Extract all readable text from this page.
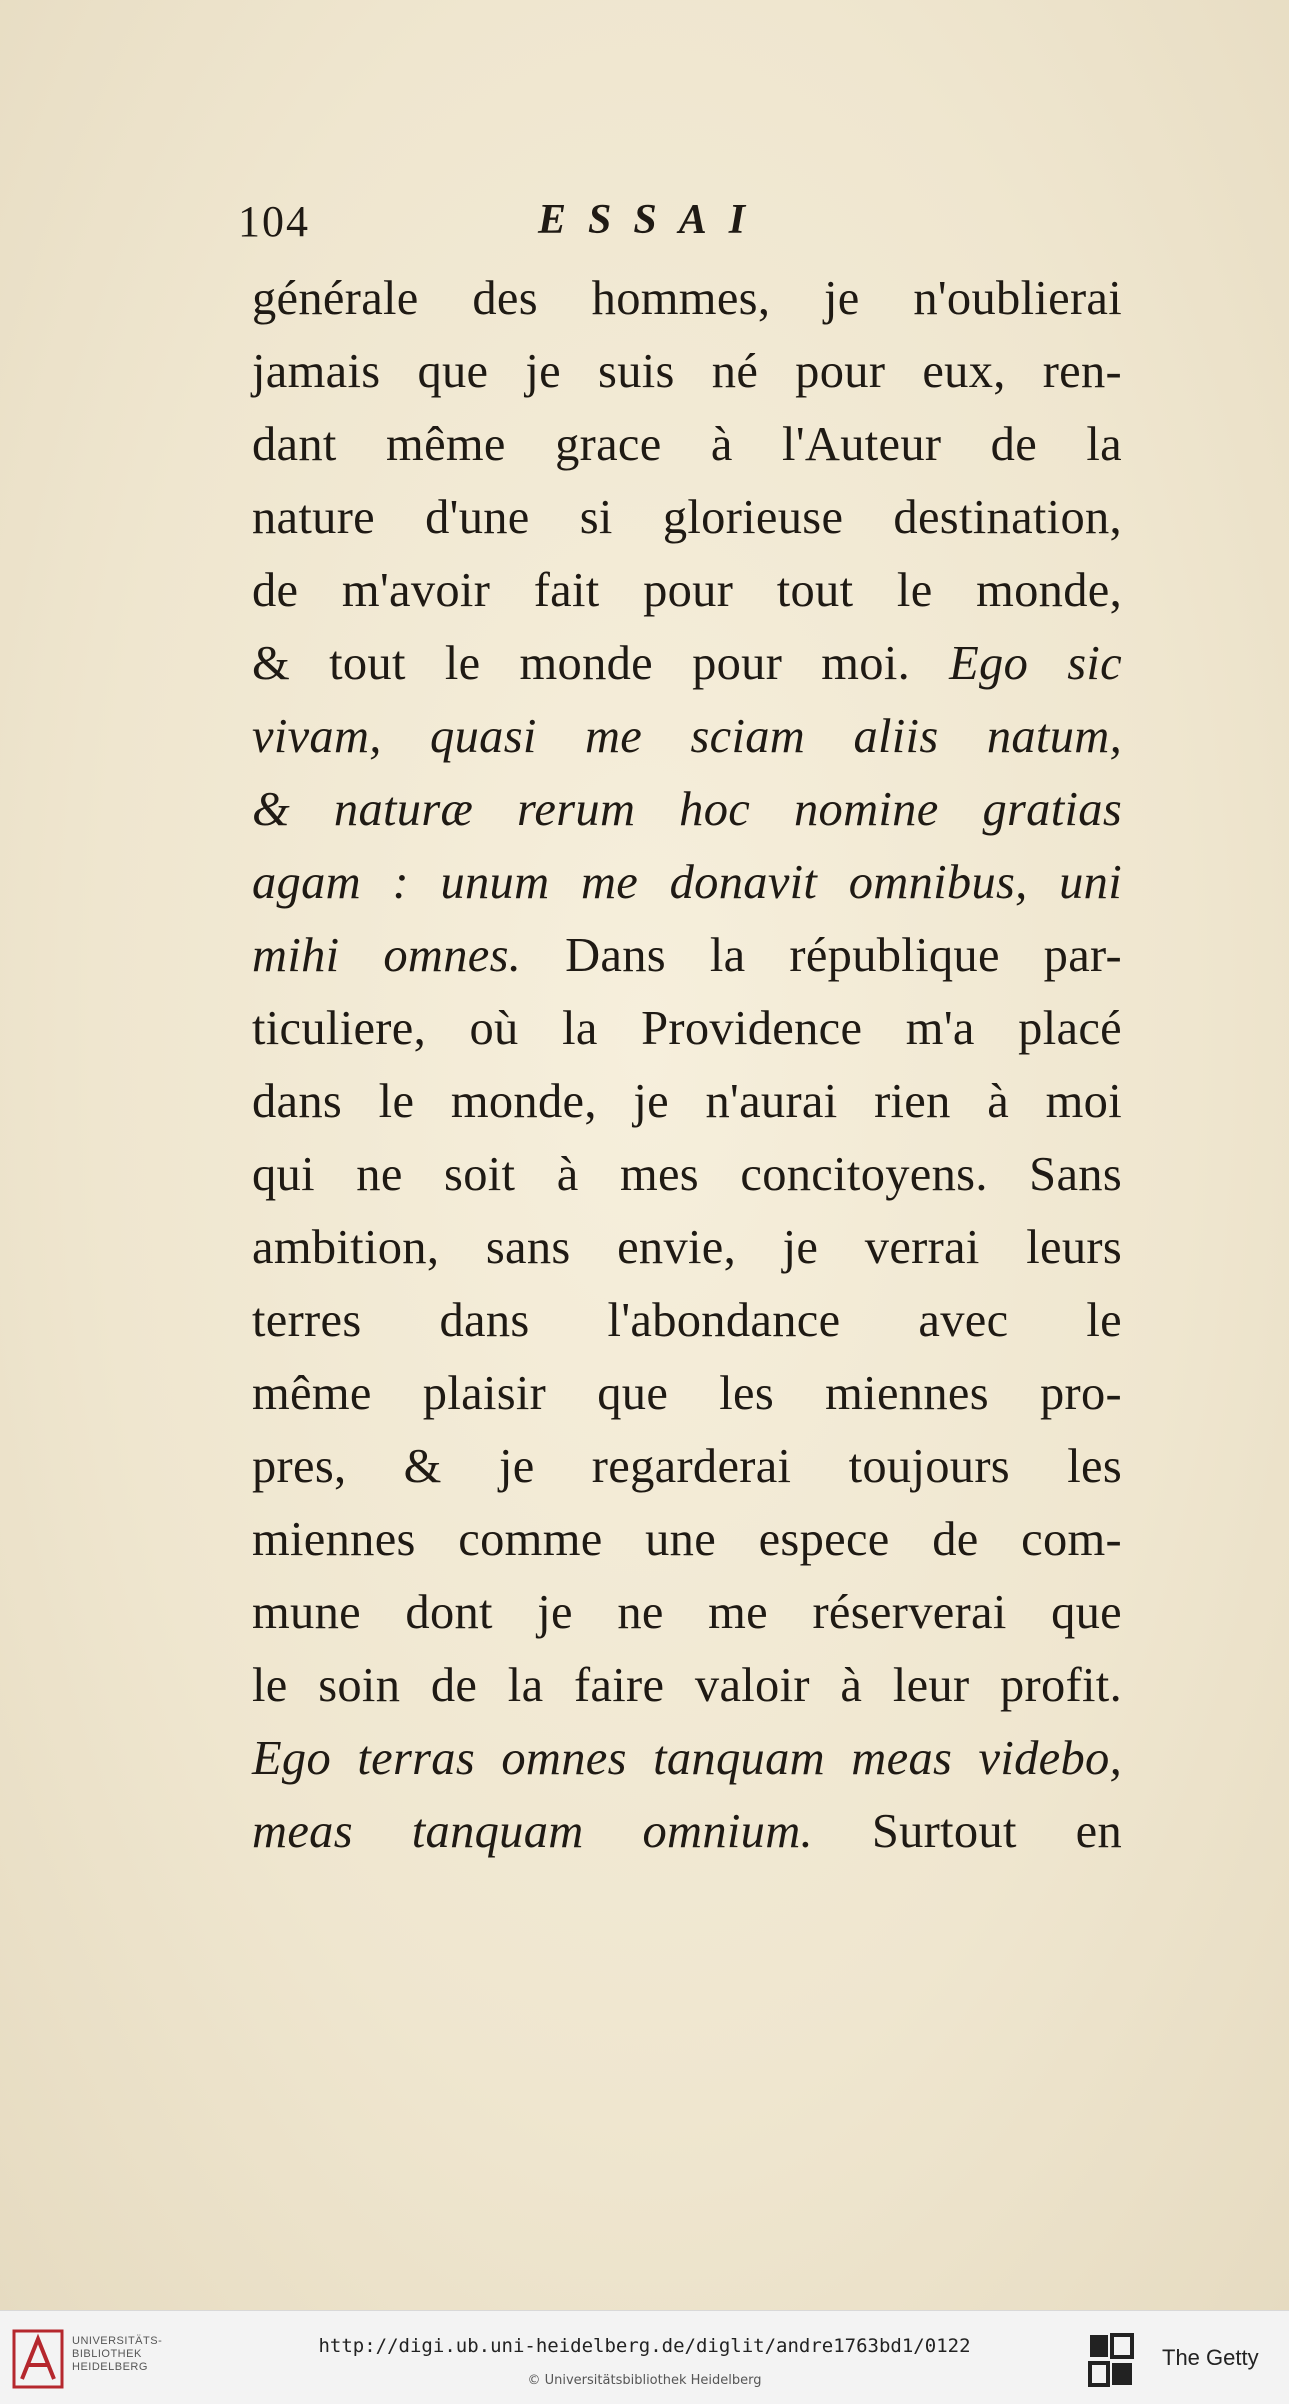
104	ESSAI
générale des hommes, je n'oublierai
jamais que je suis né pour eux, ren-
dant même grace à l'Auteur de la
nature d'une si glorieuse destination,
de m'avoir fait pour tout le monde,
& tout le monde pour moi. Ego sic
vivam, quasi me sciam aliis natum,
& naturæ rerum hoc nomine gratias
agam : unum me donavit omnibus, uni
mihi omnes. Dans la république par-
ticuliere, où la Providence m'a placé
dans le monde, je n'aurai rien à moi
qui ne soit à mes concitoyens. Sans
ambition, sans envie, je verrai leurs
terres dans l'abondance avec le
même plaisir que les miennes pro-
pres, & je regarderai toujours les
miennes comme une espece de com-
mune dont je ne me réserverai que
le soin de la faire valoir à leur profit.
Ego terras omnes tanquam meas videbo,
meas tanquam omnium. Surtout en
UNIVERSITÄTS-
BIBLIOTHEK
HEIDELBERG
http://digi.ub.uni-heidelberg.de/diglit/andre1763bd1/0122
© Universitätsbibliothek Heidelberg
The Getty
